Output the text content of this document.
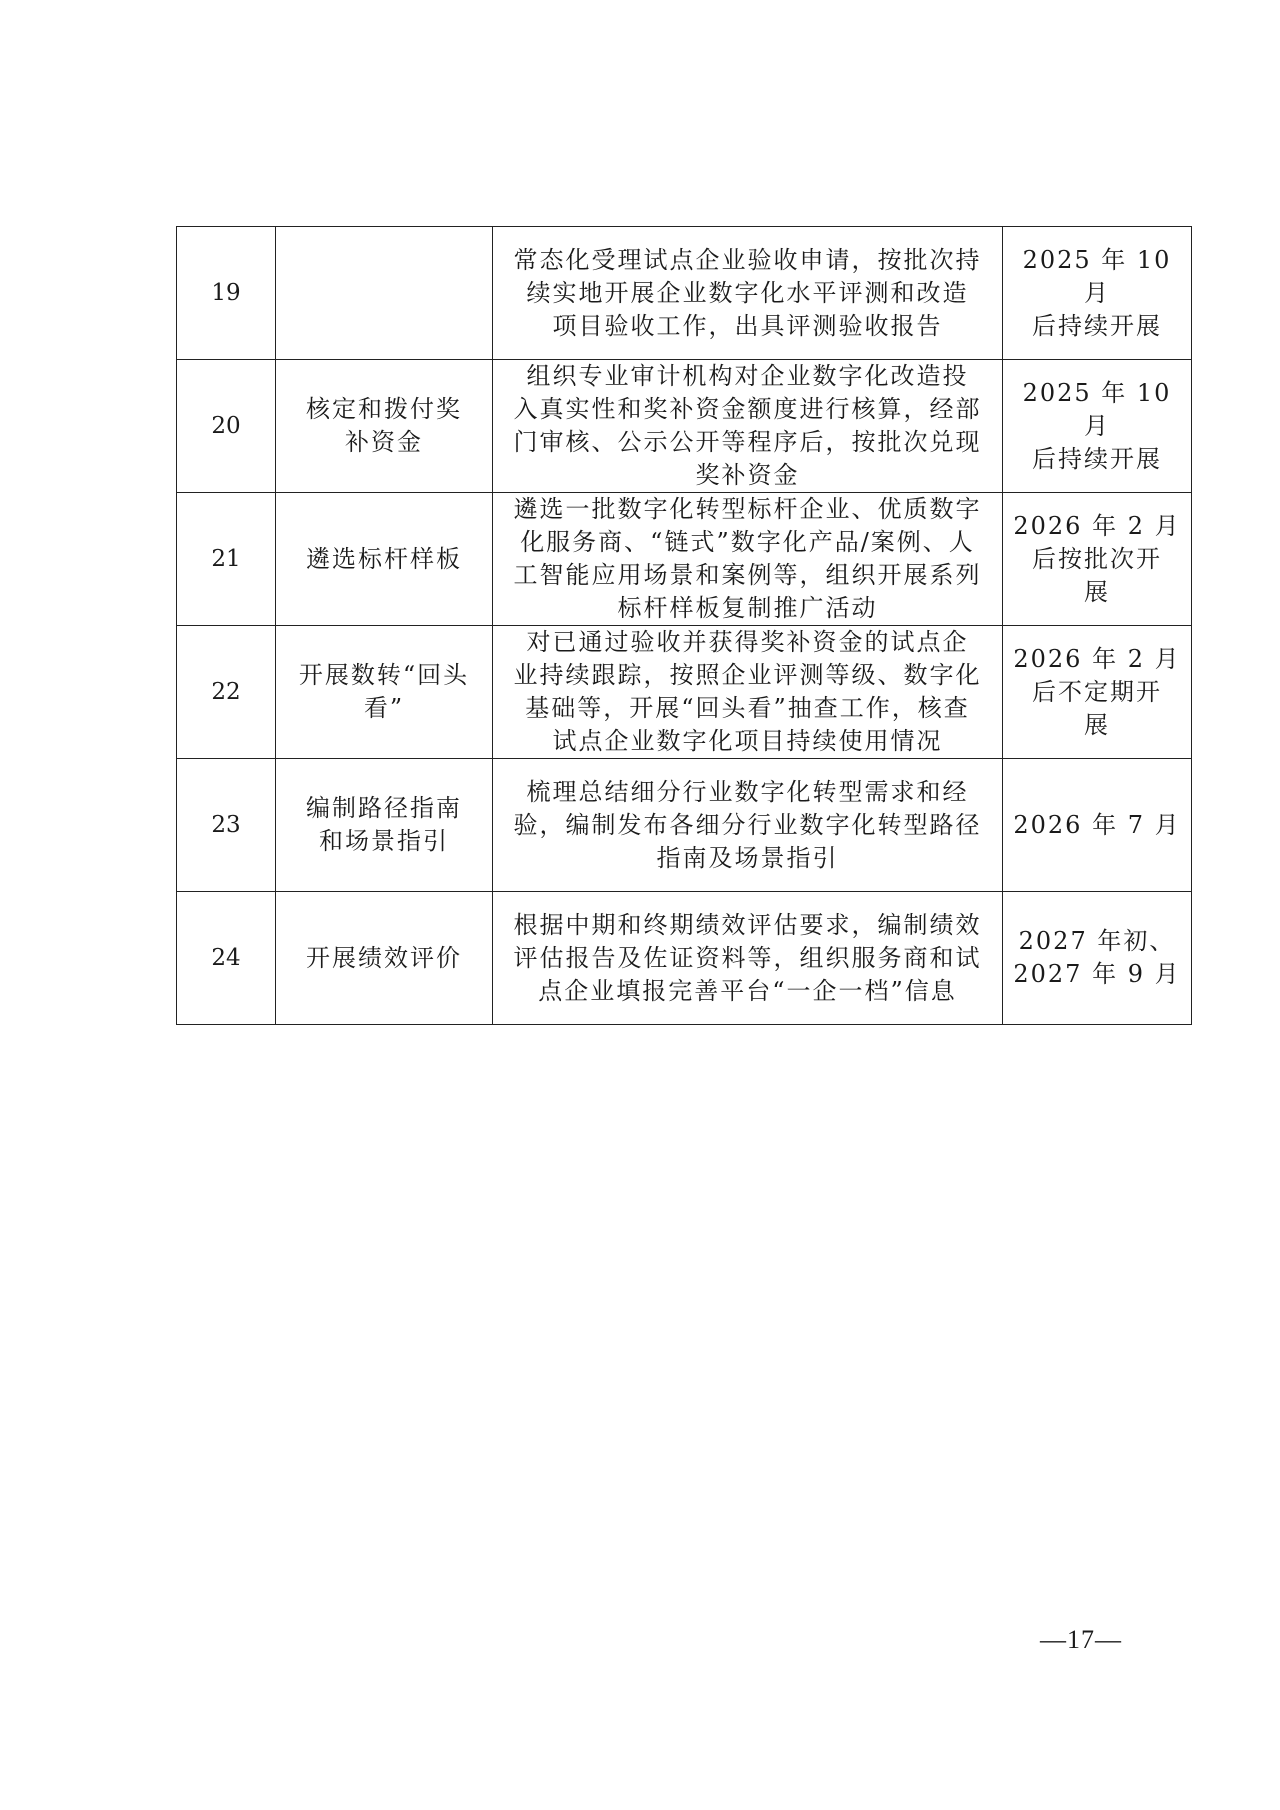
19		常态化受理试点企业验收申请，按批次持
续实地开展企业数字化水平评测和改造
项目验收工作，出具评测验收报告	2025 年 10 月
后持续开展

20	核定和拨付奖
补资金	组织专业审计机构对企业数字化改造投
入真实性和奖补资金额度进行核算，经部
门审核、公示公开等程序后，按批次兑现
奖补资金	2025 年 10 月
后持续开展

21	遴选标杆样板	遴选一批数字化转型标杆企业、优质数字
化服务商、“链式”数字化产品/案例、人
工智能应用场景和案例等，组织开展系列
标杆样板复制推广活动	2026 年 2 月
后按批次开
展

22	开展数转“回头
看”	对已通过验收并获得奖补资金的试点企
业持续跟踪，按照企业评测等级、数字化
基础等，开展“回头看”抽查工作，核查
试点企业数字化项目持续使用情况	2026 年 2 月
后不定期开
展

23	编制路径指南
和场景指引	梳理总结细分行业数字化转型需求和经
验，编制发布各细分行业数字化转型路径
指南及场景指引	2026 年 7 月

24	开展绩效评价	根据中期和终期绩效评估要求，编制绩效
评估报告及佐证资料等，组织服务商和试
点企业填报完善平台“一企一档”信息	2027 年初、
2027 年 9 月
—17—
